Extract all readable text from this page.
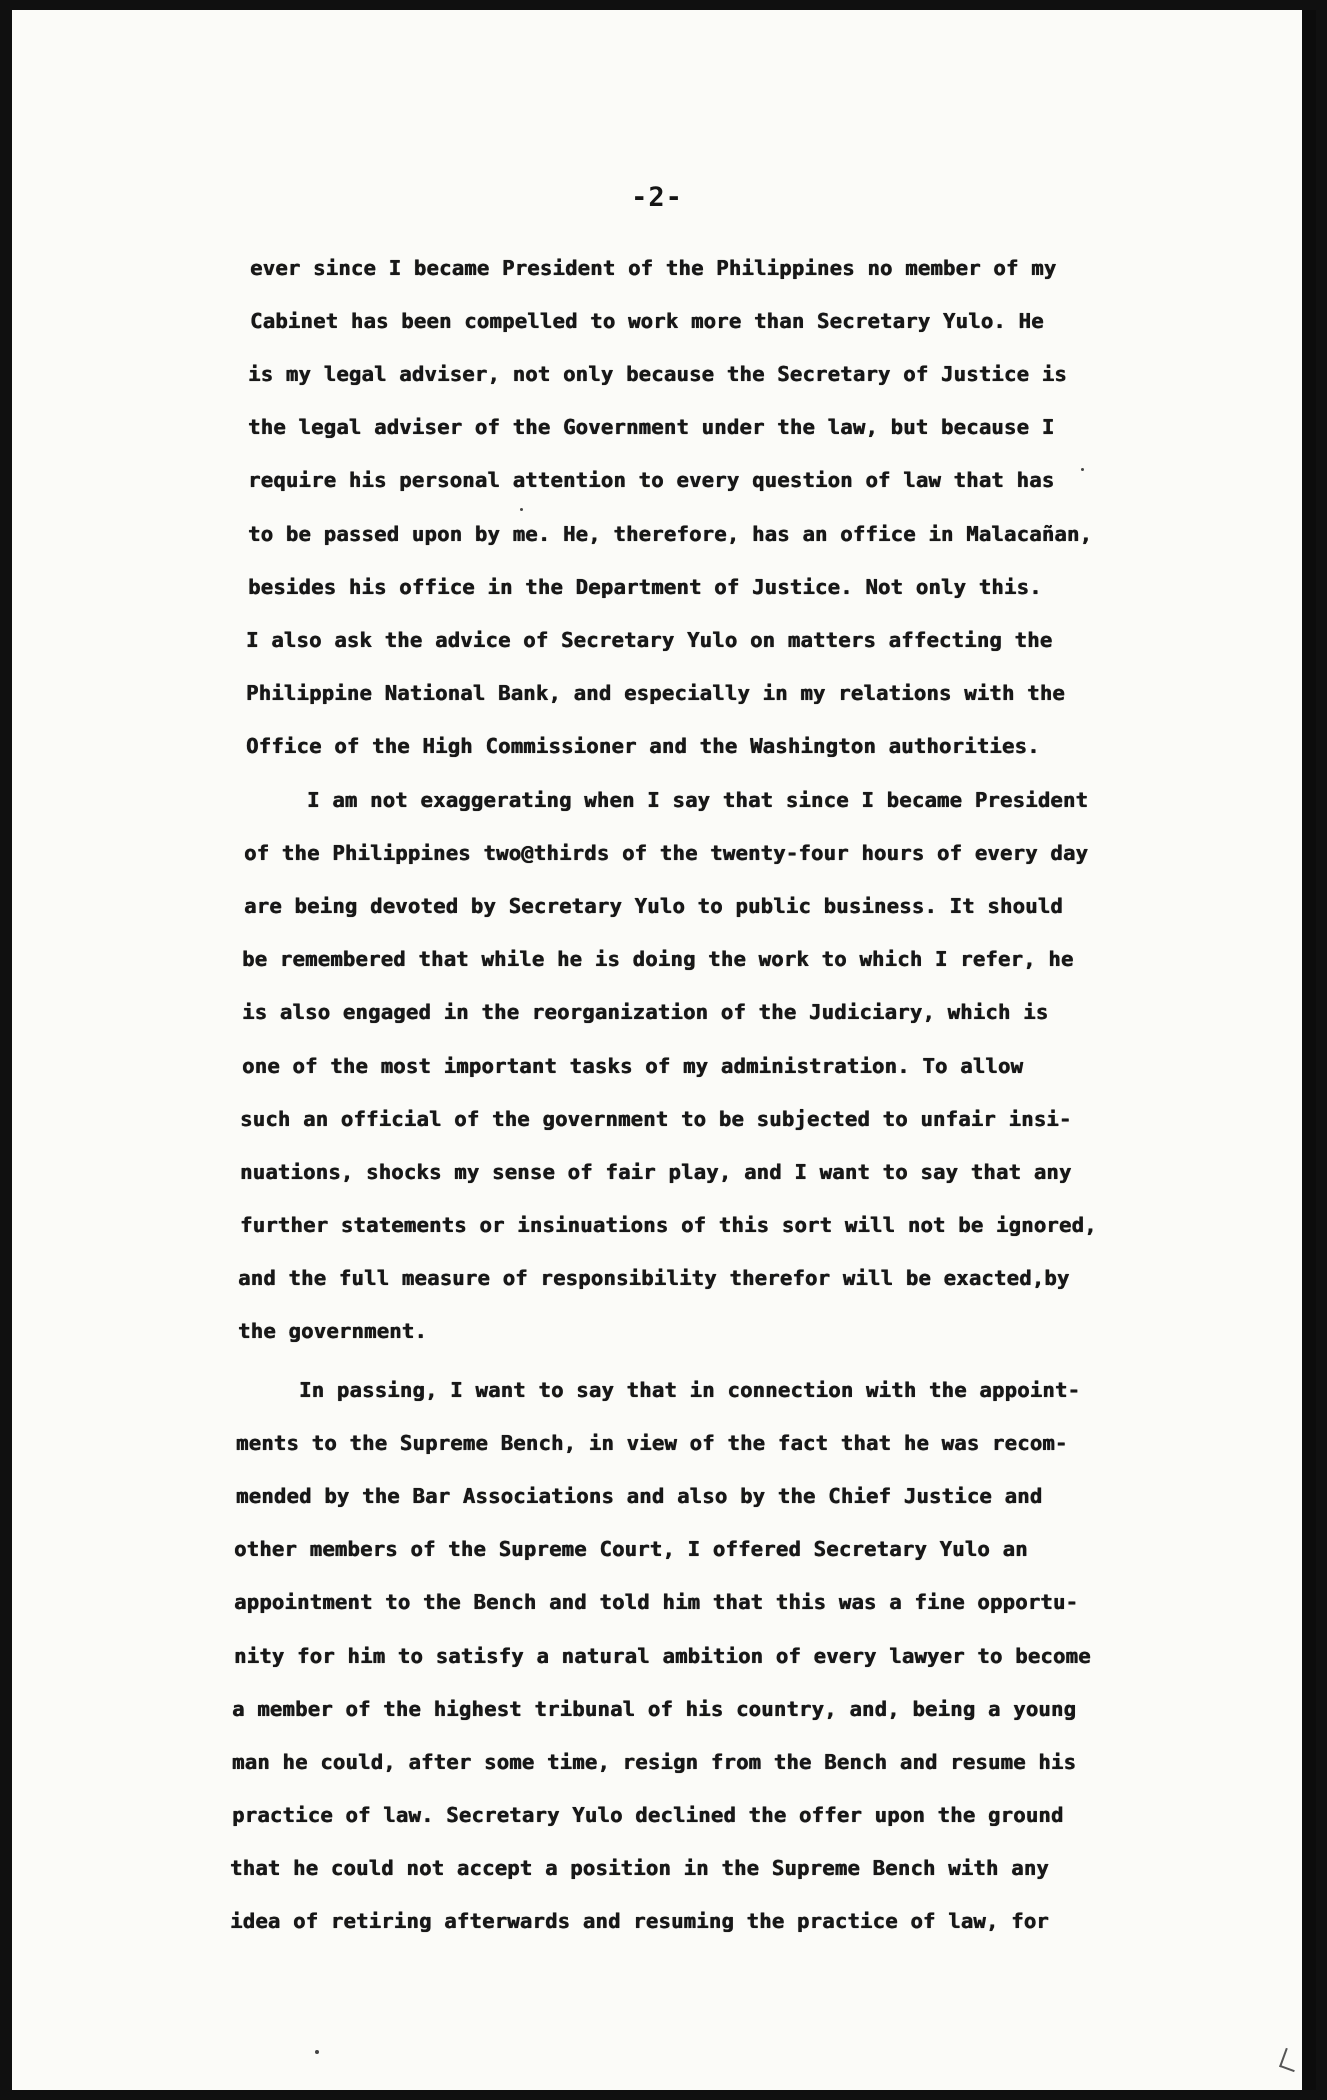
-2-
ever since I became President of the Philippines no member of my
Cabinet has been compelled to work more than Secretary Yulo. He
is my legal adviser, not only because the Secretary of Justice is
the legal adviser of the Government under the law, but because I
require his personal attention to every question of law that has
to be passed upon by me. He, therefore, has an office in Malacañan,
besides his office in the Department of Justice. Not only this.
I also ask the advice of Secretary Yulo on matters affecting the
Philippine National Bank, and especially in my relations with the
Office of the High Commissioner and the Washington authorities.
I am not exaggerating when I say that since I became President
of the Philippines two@thirds of the twenty-four hours of every day
are being devoted by Secretary Yulo to public business. It should
be remembered that while he is doing the work to which I refer, he
is also engaged in the reorganization of the Judiciary, which is
one of the most important tasks of my administration. To allow
such an official of the government to be subjected to unfair insi-
nuations, shocks my sense of fair play, and I want to say that any
further statements or insinuations of this sort will not be ignored,
and the full measure of responsibility therefor will be exacted,by
the government.
In passing, I want to say that in connection with the appoint-
ments to the Supreme Bench, in view of the fact that he was recom-
mended by the Bar Associations and also by the Chief Justice and
other members of the Supreme Court, I offered Secretary Yulo an
appointment to the Bench and told him that this was a fine opportu-
nity for him to satisfy a natural ambition of every lawyer to become
a member of the highest tribunal of his country, and, being a young
man he could, after some time, resign from the Bench and resume his
practice of law. Secretary Yulo declined the offer upon the ground
that he could not accept a position in the Supreme Bench with any
idea of retiring afterwards and resuming the practice of law, for
